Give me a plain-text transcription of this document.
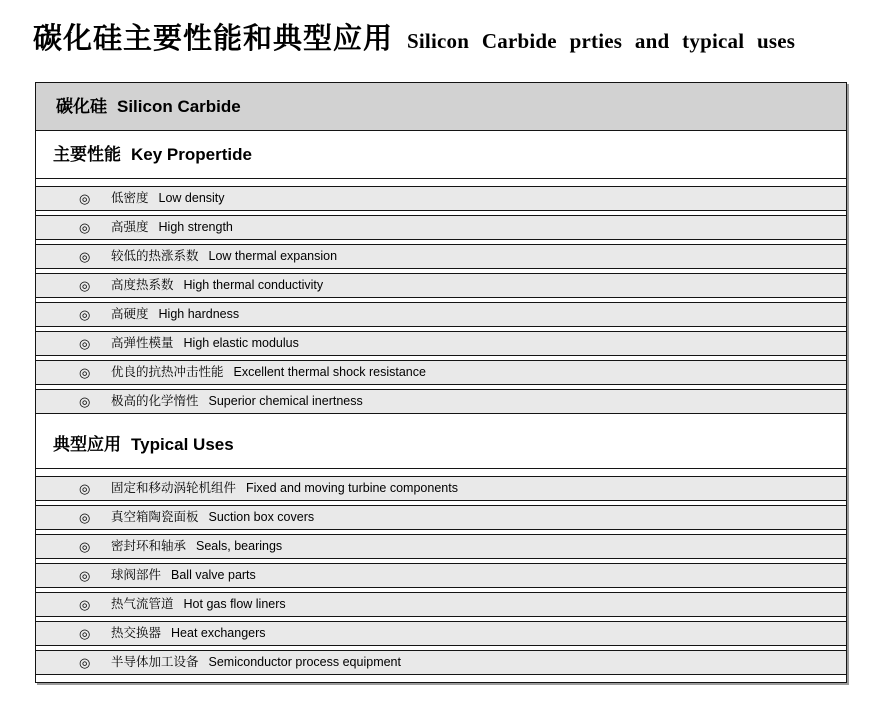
碳化硅主要性能和典型应用 Silicon Carbide prties and typical uses
碳化硅 Silicon Carbide
主要性能 Key Propertide
◎ 低密度 Low density
◎ 高强度 High strength
◎ 较低的热涨系数 Low thermal expansion
◎ 高度热系数 High thermal conductivity
◎ 高硬度 High hardness
◎ 高弹性模量 High elastic modulus
◎ 优良的抗热冲击性能 Excellent thermal shock resistance
◎ 极高的化学惰性 Superior chemical inertness
典型应用 Typical Uses
◎ 固定和移动涡轮机组件 Fixed and moving turbine components
◎ 真空箱陶瓷面板 Suction box covers
◎ 密封环和轴承 Seals, bearings
◎ 球阀部件 Ball valve parts
◎ 热气流管道 Hot gas flow liners
◎ 热交换器 Heat exchangers
◎ 半导体加工设备 Semiconductor process equipment
